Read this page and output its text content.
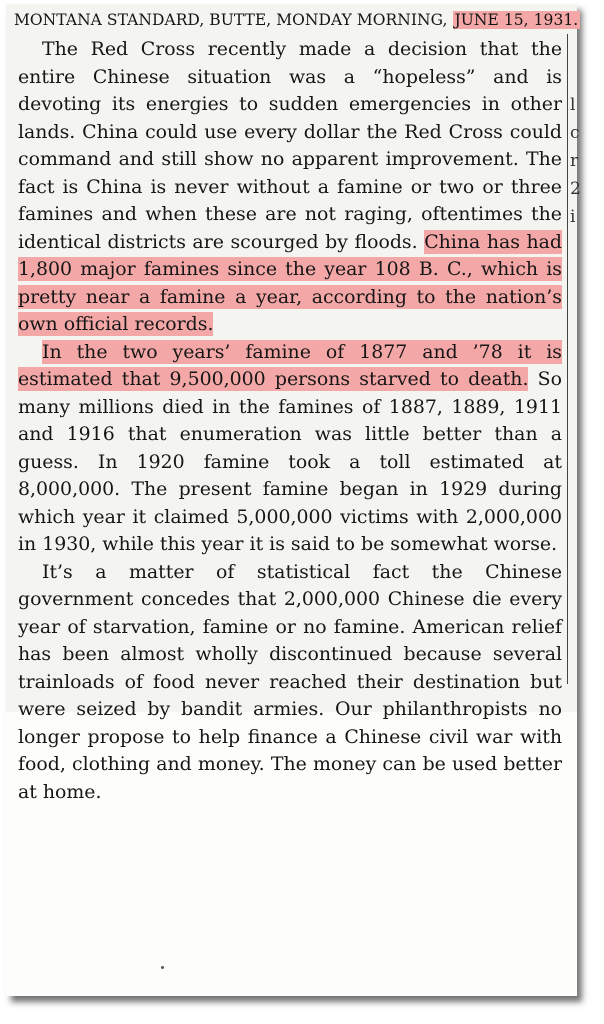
MONTANA STANDARD, BUTTE, MONDAY MORNING, JUNE 15, 1931.
l
c
r
2
i

The Red Cross recently made a decision that the entire Chinese situation was a “hopeless” and is devoting its energies to sudden emergencies in other lands. China could use every dollar the Red Cross could command and still show no apparent improvement. The fact is China is never without a famine or two or three famines and when these are not raging, oftentimes the identical districts are scourged by floods. China has had 1,800 major famines since the year 108 B. C., which is pretty near a famine a year, according to the nation’s own official records.

In the two years’ famine of 1877 and ’78 it is estimated that 9,500,000 persons starved to death. So many millions died in the famines of 1887, 1889, 1911 and 1916 that enumeration was little better than a guess. In 1920 famine took a toll estimated at 8,000,000. The present famine began in 1929 during which year it claimed 5,000,000 victims with 2,000,000 in 1930, while this year it is said to be somewhat worse.

It’s a matter of statistical fact the Chinese government concedes that 2,000,000 Chinese die every year of starvation, famine or no famine. American relief has been almost wholly discontinued because several trainloads of food never reached their destination but were seized by bandit armies. Our philanthropists no longer propose to help finance a Chinese civil war with food, clothing and money. The money can be used better at home.
